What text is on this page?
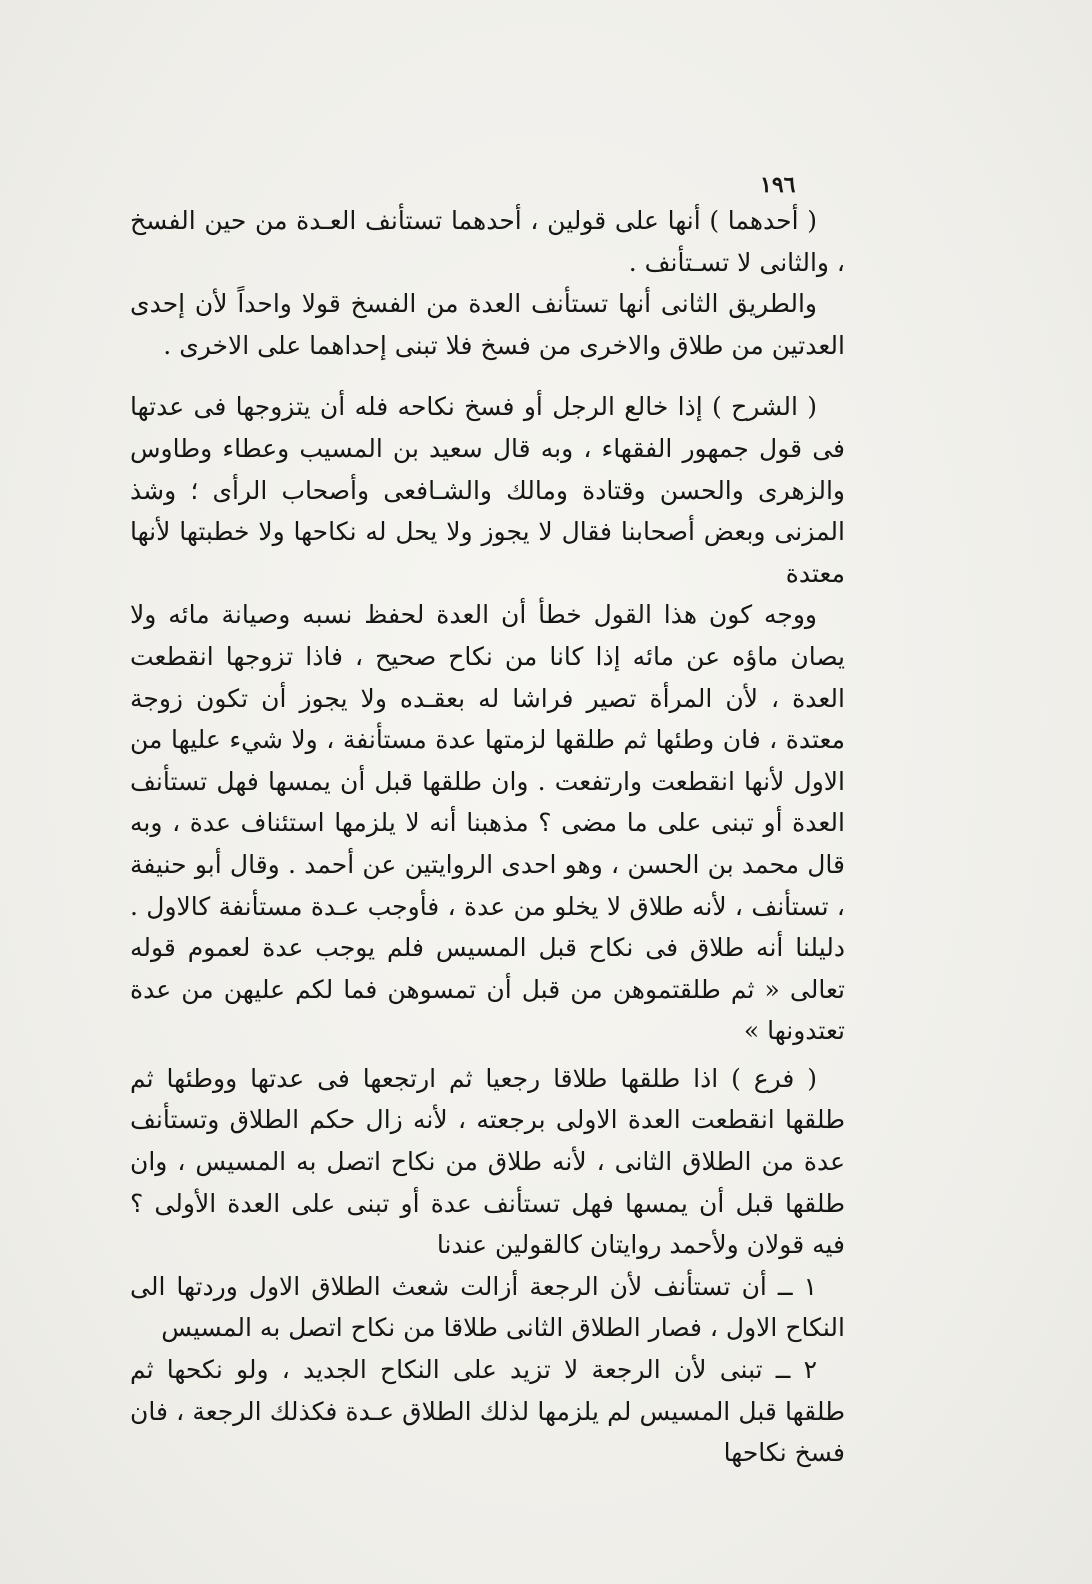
١٩٦

( أحدهما ) أنها على قولين ، أحدهما تستأنف العـدة من حين الفسخ ، والثانى لا تسـتأنف .

والطريق الثانى أنها تستأنف العدة من الفسخ قولا واحداً لأن إحدى العدتين من طلاق والاخرى من فسخ فلا تبنى إحداهما على الاخرى .

( الشرح ) إذا خالع الرجل أو فسخ نكاحه فله أن يتزوجها فى عدتها فى قول جمهور الفقهاء ، وبه قال سعيد بن المسيب وعطاء وطاوس والزهرى والحسن وقتادة ومالك والشـافعى وأصحاب الرأى ؛ وشذ المزنى وبعض أصحابنا فقال لا يجوز ولا يحل له نكاحها ولا خطبتها لأنها معتدة

ووجه كون هذا القول خطأ أن العدة لحفظ نسبه وصيانة مائه ولا يصان ماؤه عن مائه إذا كانا من نكاح صحيح ، فاذا تزوجها انقطعت العدة ، لأن المرأة تصير فراشا له بعقـده ولا يجوز أن تكون زوجة معتدة ، فان وطئها ثم طلقها لزمتها عدة مستأنفة ، ولا شيء عليها من الاول لأنها انقطعت وارتفعت . وان طلقها قبل أن يمسها فهل تستأنف العدة أو تبنى على ما مضى ؟ مذهبنا أنه لا يلزمها استئناف عدة ، وبه قال محمد بن الحسن ، وهو احدى الروايتين عن أحمد . وقال أبو حنيفة ، تستأنف ، لأنه طلاق لا يخلو من عدة ، فأوجب عـدة مستأنفة كالاول . دليلنا أنه طلاق فى نكاح قبل المسيس فلم يوجب عدة لعموم قوله تعالى « ثم طلقتموهن من قبل أن تمسوهن فما لكم عليهن من عدة تعتدونها »

( فرع ) اذا طلقها طلاقا رجعيا ثم ارتجعها فى عدتها ووطئها ثم طلقها انقطعت العدة الاولى برجعته ، لأنه زال حكم الطلاق وتستأنف عدة من الطلاق الثانى ، لأنه طلاق من نكاح اتصل به المسيس ، وان طلقها قبل أن يمسها فهل تستأنف عدة أو تبنى على العدة الأولى ؟ فيه قولان ولأحمد روايتان كالقولين عندنا

١ ــ أن تستأنف لأن الرجعة أزالت شعث الطلاق الاول وردتها الى النكاح الاول ، فصار الطلاق الثانى طلاقا من نكاح اتصل به المسيس

٢ ــ تبنى لأن الرجعة لا تزيد على النكاح الجديد ، ولو نكحها ثم طلقها قبل المسيس لم يلزمها لذلك الطلاق عـدة فكذلك الرجعة ، فان فسخ نكاحها
